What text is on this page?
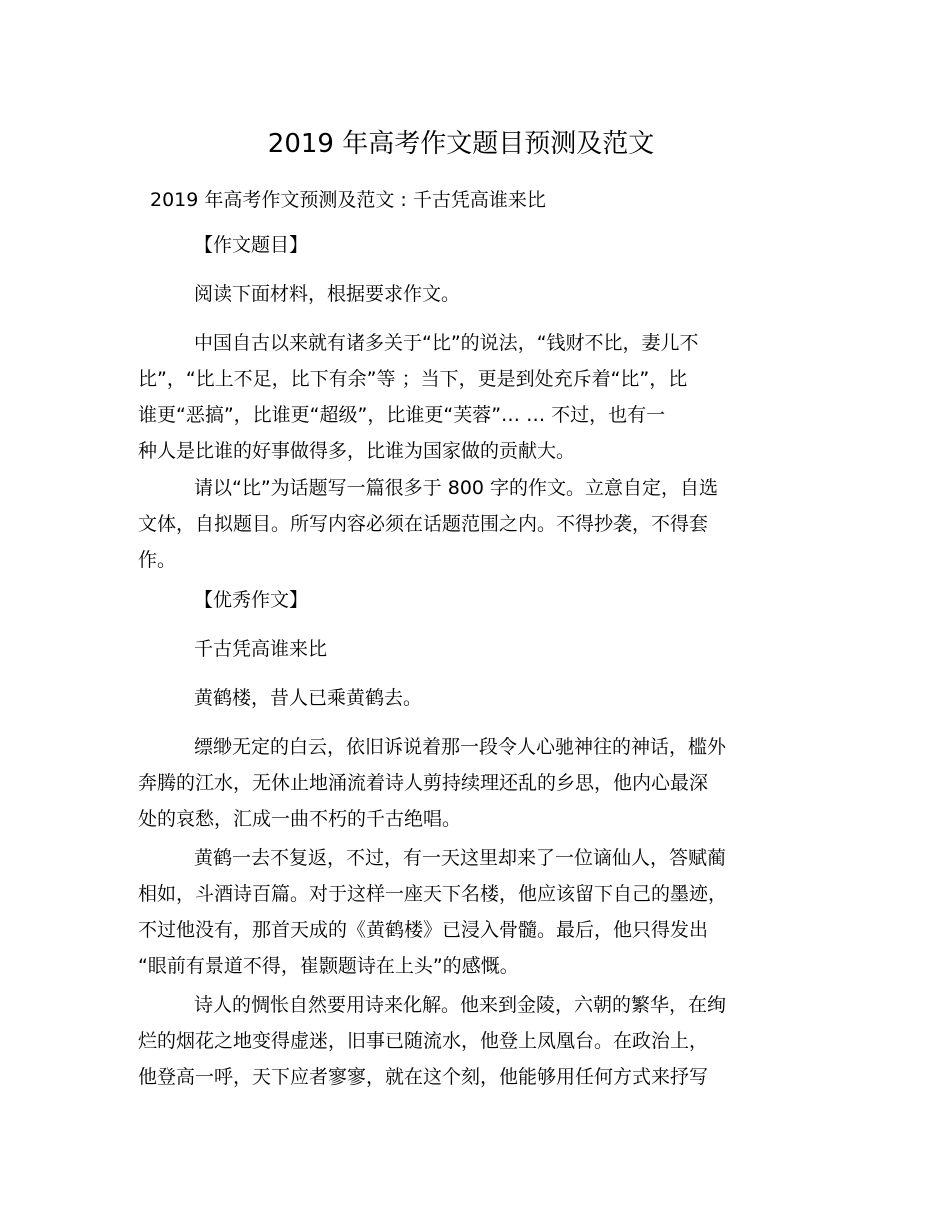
2019 年高考作文题目预测及范文

2019 年高考作文预测及范文 : 千古凭高谁来比

【作文题目】
阅读下面材料，根据要求作文。
中国自古以来就有诸多关于“比”的说法，“钱财不比，妻儿不
比”，“比上不足，比下有余”等 ；当下，更是到处充斥着“比”，比
谁更“恶搞”，比谁更“超级”，比谁更“芙蓉”… … 不过，也有一
种人是比谁的好事做得多，比谁为国家做的贡献大。
请以“比”为话题写一篇很多于 800 字的作文。立意自定，自选
文体，自拟题目。所写内容必须在话题范围之内。不得抄袭，不得套
作。
【优秀作文】
千古凭高谁来比
黄鹤楼，昔人已乘黄鹤去。
缥缈无定的白云，依旧诉说着那一段令人心驰神往的神话，槛外
奔腾的江水，无休止地涌流着诗人剪持续理还乱的乡思，他内心最深
处的哀愁，汇成一曲不朽的千古绝唱。
黄鹤一去不复返，不过，有一天这里却来了一位谪仙人，答赋蔺
相如，斗酒诗百篇。对于这样一座天下名楼，他应该留下自己的墨迹，
不过他没有，那首天成的《黄鹤楼》已浸入骨髓。最后，他只得发出
“眼前有景道不得，崔颢题诗在上头”的感慨。
诗人的惆怅自然要用诗来化解。他来到金陵，六朝的繁华，在绚
烂的烟花之地变得虚迷，旧事已随流水，他登上凤凰台。在政治上，
他登高一呼，天下应者寥寥，就在这个刻，他能够用任何方式来抒写
